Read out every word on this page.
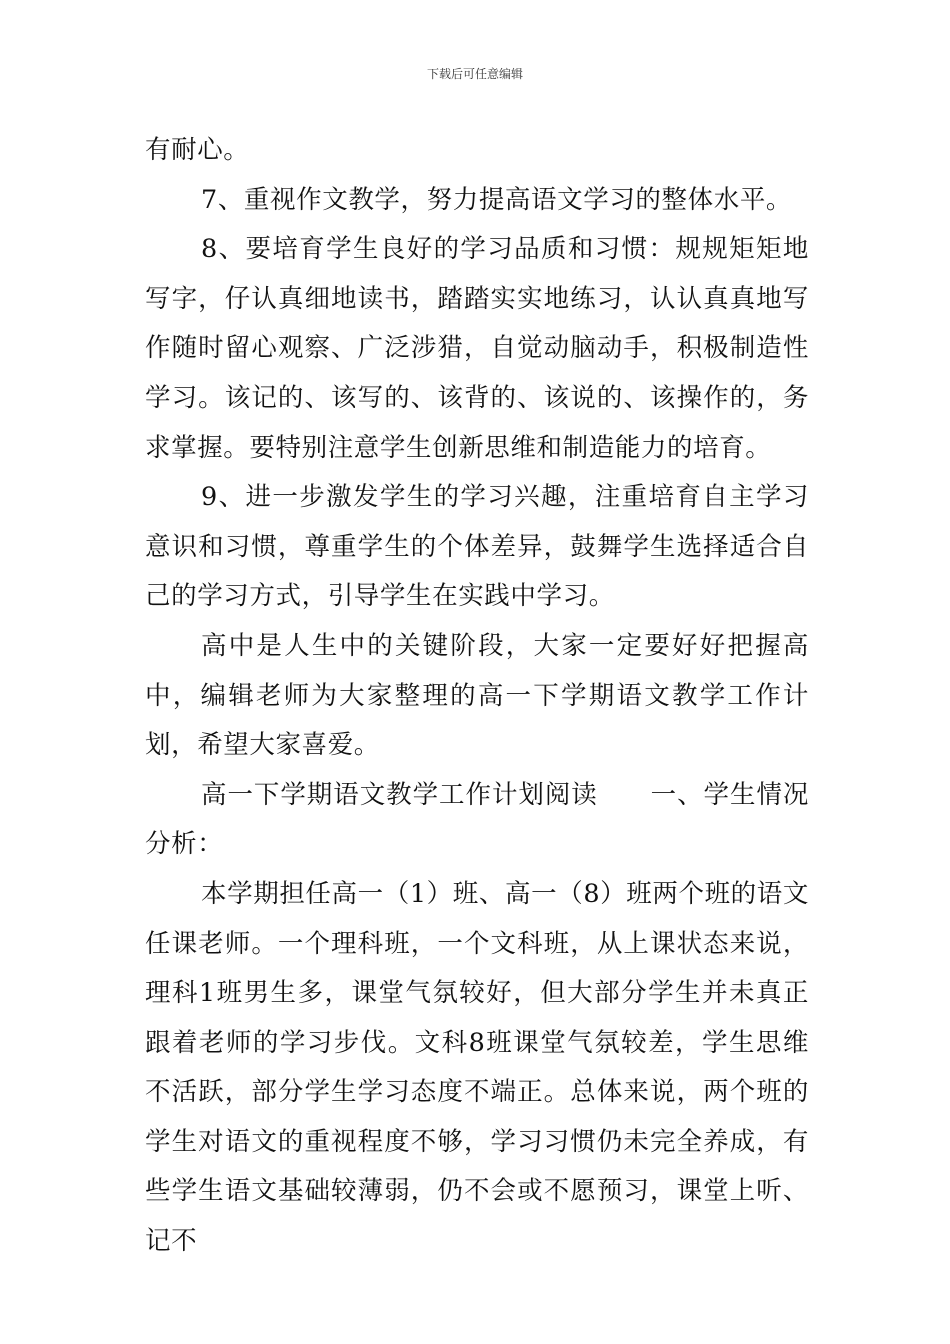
下载后可任意编辑

有耐心。

7、重视作文教学，努力提高语文学习的整体水平。

8、要培育学生良好的学习品质和习惯：规规矩矩地写字，仔认真细地读书，踏踏实实地练习，认认真真地写作随时留心观察、广泛涉猎，自觉动脑动手，积极制造性学习。该记的、该写的、该背的、该说的、该操作的，务求掌握。要特别注意学生创新思维和制造能力的培育。

9、进一步激发学生的学习兴趣，注重培育自主学习意识和习惯，尊重学生的个体差异，鼓舞学生选择适合自己的学习方式，引导学生在实践中学习。

高中是人生中的关键阶段，大家一定要好好把握高中，编辑老师为大家整理的高一下学期语文教学工作计划，希望大家喜爱。

高一下学期语文教学工作计划阅读　　一、学生情况分析：

本学期担任高一（1）班、高一（8）班两个班的语文任课老师。一个理科班，一个文科班，从上课状态来说，理科1班男生多，课堂气氛较好，但大部分学生并未真正跟着老师的学习步伐。文科8班课堂气氛较差，学生思维不活跃，部分学生学习态度不端正。总体来说，两个班的学生对语文的重视程度不够，学习习惯仍未完全养成，有些学生语文基础较薄弱，仍不会或不愿预习，课堂上听、记不
